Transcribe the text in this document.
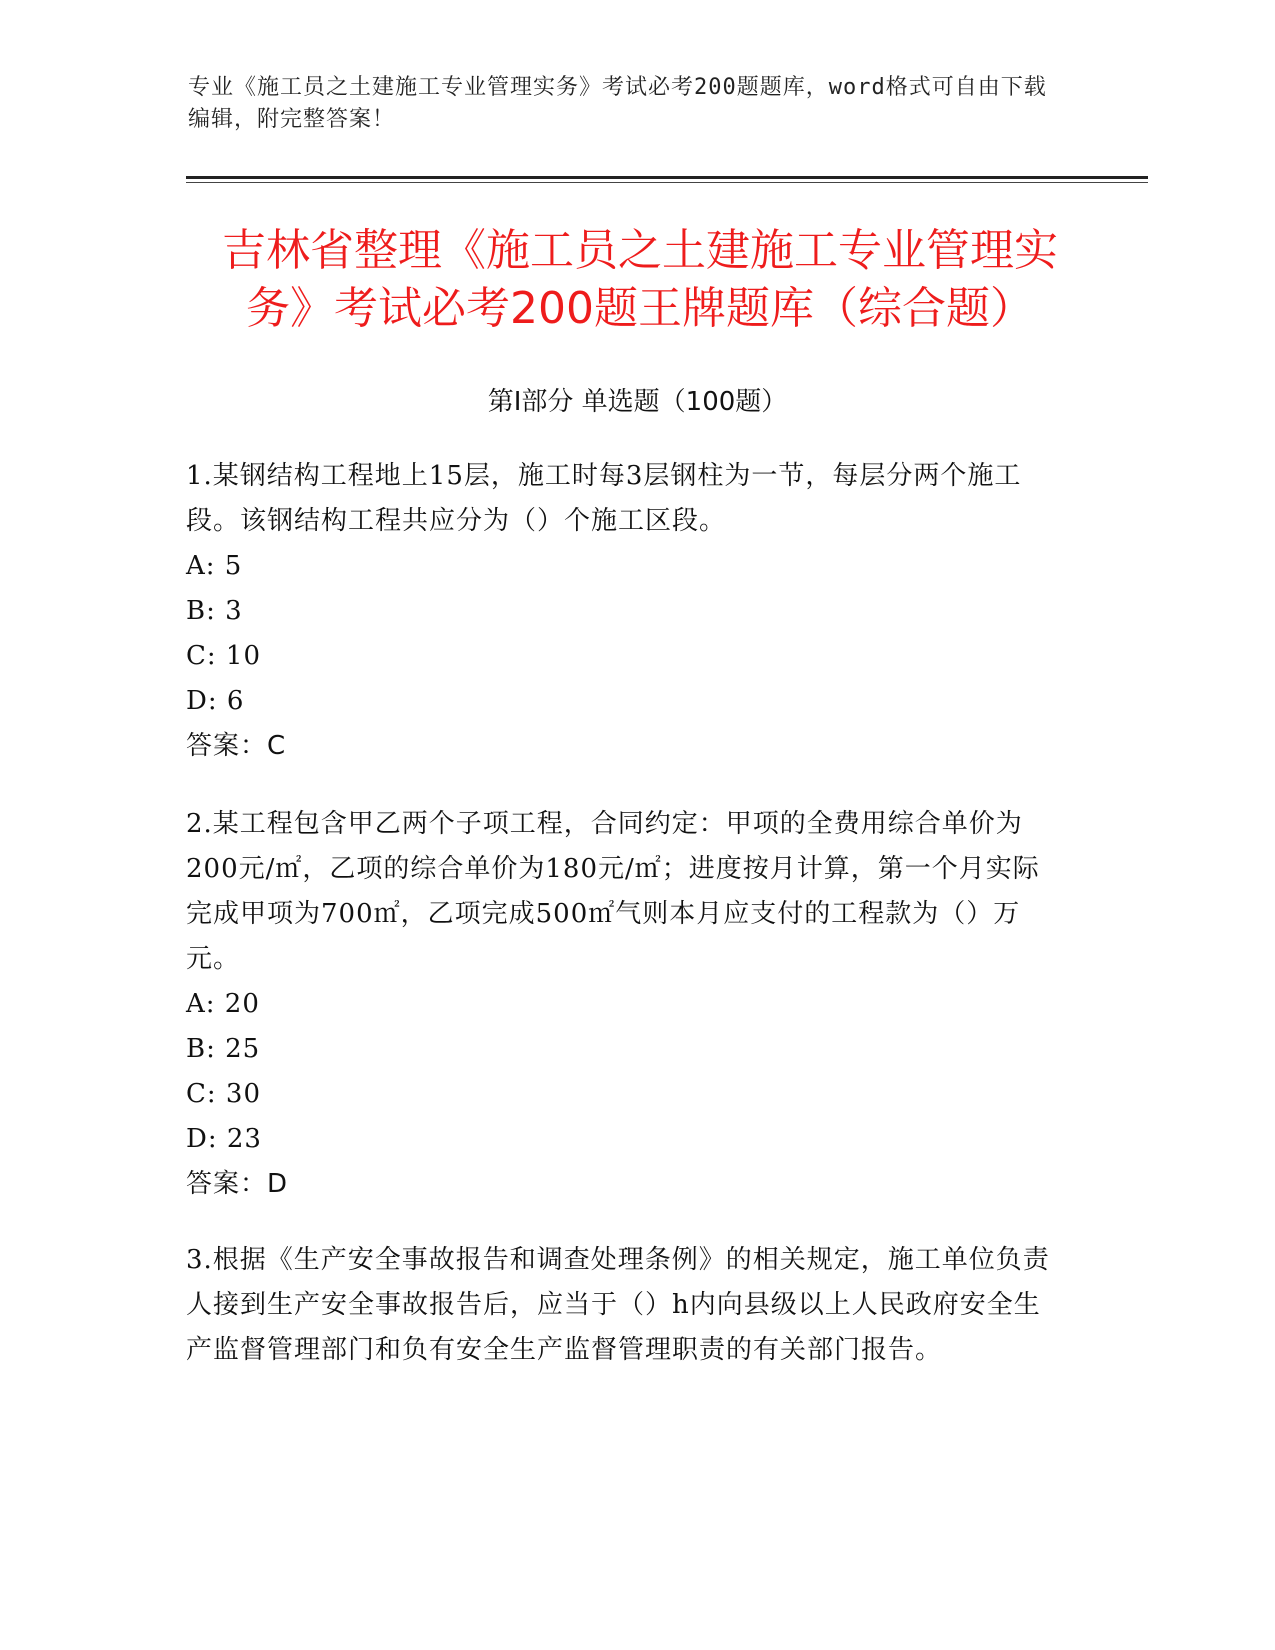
专业《施工员之土建施工专业管理实务》考试必考200题题库，word格式可自由下载编辑，附完整答案！
吉林省整理《施工员之土建施工专业管理实务》考试必考200题王牌题库（综合题）
第Ⅰ部分 单选题（100题）
1.某钢结构工程地上15层，施工时每3层钢柱为一节，每层分两个施工段。该钢结构工程共应分为（）个施工区段。
A: 5
B: 3
C: 10
D: 6
答案：C
2.某工程包含甲乙两个子项工程，合同约定：甲项的全费用综合单价为200元/㎡，乙项的综合单价为180元/㎡；进度按月计算，第一个月实际完成甲项为700㎡，乙项完成500㎡气则本月应支付的工程款为（）万元。
A: 20
B: 25
C: 30
D: 23
答案：D
3.根据《生产安全事故报告和调查处理条例》的相关规定，施工单位负责人接到生产安全事故报告后，应当于（）h内向县级以上人民政府安全生产监督管理部门和负有安全生产监督管理职责的有关部门报告。
